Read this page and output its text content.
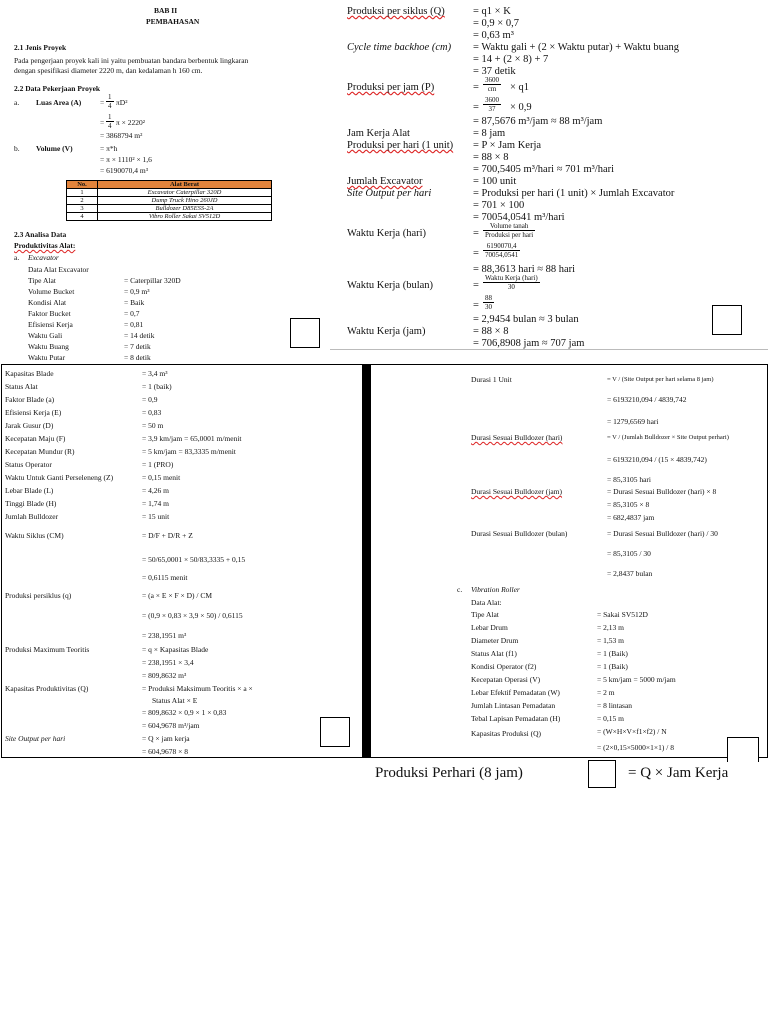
BAB II
PEMBAHASAN
2.1 Jenis Proyek
Pada pengerjaan proyek kali ini yaitu pembuatan bandara berbentuk lingkaran
dengan spesifikasi diameter 2220 m, dan kedalaman h 160 cm.
2.2 Data Pekerjaan Proyek
a. Luas Area $(A) = \frac{1}{4} \pi D^2$
= $\frac{1}{4}$ π × 2220²
= 3868794 m²
b. Volume (V)	= π*h
= π × 1110² × 1,6
= 6190070,4 m³
No.	Alat Berat
1	Excavator Caterpillar 320D
2	Dump Truck Hino 260JD
3	Bulldozer D85ESS-2A
4	Vibro Roller Sakai SV512D
2.3 Analisa Data
Produktivitas Alat:
a. Excavator
Data Alat Excavator
Tipe Alat	= Caterpillar 320D
Volume Bucket	= 0,9 m³
Kondisi Alat	= Baik
Faktor Bucket	= 0,7
Efisiensi Kerja	= 0,81
Waktu Gali	= 14 detik
Waktu Buang	= 7 detik
Waktu Putar	= 8 detik
Produksi per siklus (Q)	= q1 × K
= 0,9 × 0,7
= 0,63 m³
Cycle time backhoe (cm) = Waktu gali + (2 × Waktu putar) + Waktu buang
= 14 + (2 × 8) + 7
= 37 detik
Produksi per jam (P)	= $\frac{3600}{cm} \times q1$
= $\frac{3600}{37} \times 0,9$
= 87,5676 m³/jam ≈ 88 m³/jam
Jam Kerja Alat	= 8 jam
Produksi per hari (1 unit) = P × Jam Kerja
= 88 × 8
= 700,5405 m³/hari ≈ 701 m³/hari
Jumlah Excavator	= 100 unit
Site Output per hari	= Produksi per hari (1 unit) × Jumlah Excavator
= 701 × 100
= 70054,0541 m³/hari
Waktu Kerja (hari)	=
Volume tanah
Produksi per hari
= $\frac{6190070,4}{70054,0541}$
= 88,3613 hari ≈ 88 hari
Waktu Kerja (bulan)	=
Waktu Kerja (hari)
30
= $\frac{88}{30}$
= 2,9454 bulan ≈ 3 bulan
Waktu Kerja (jam)	= 88 × 8
= 706,8908 jam ≈ 707 jam
Kapasitas Blade	= 3,4 m³
Status Alat	= 1 (baik)
Faktor Blade (a)	= 0,9
Efisiensi Kerja (E)	= 0,83
Jarak Gusur (D)	= 50 m
Kecepatan Maju (F)	= 3,9 km/jam = 65,0001 m/menit
Kecepatan Mundur (R)	= 5 km/jam = 83,3335 m/menit
Status Operator	= 1 (PRO)
Waktu Untuk Ganti Perseleneng (Z)	= 0,15 menit
Lebar Blade (L)	= 4,26 m
Tinggi Blade (H)	= 1,74 m
Jumlah Bulldozer	= 15 unit
Waktu Siklus (CM)	= D/F + D/R + Z
= 50/65,0001 × 50/83,3335 + 0,15
= 0,6115 menit
Produksi persiklus (q)	= (a × E × F × D) / CM
= (0,9 × 0,83 × 3,9 × 50) / 0,6115
= 238,1951 m³
Produksi Maximum Teoritis	= q × Kapasitas Blade
= 238,1951 × 3,4
= 809,8632 m³
Kapasitas Produktivitas (Q)	= Produksi Maksimum Teoritis × a ×
Status Alat × E
= 809,8632 × 0,9 × 1 × 0,83
= 604,9678 m³/jam
Site Output per hari	= Q × jam kerja
= 604,9678 × 8
Durasi 1 Unit	= V / (Site Output per hari selama 8 jam)
= 6193210,094 / 4839,742
= 1279,6569 hari
Durasi Sesuai Bulldozer (hari)	= V / (Jumlah Bulldozer × Site Output perhari)
= 6193210,094 / (15 × 4839,742)
= 85,3105 hari
Durasi Sesuai Bulldozer (jam)	= Durasi Sesuai Bulldozer (hari) × 8
= 85,3105 × 8
= 682,4837 jam
Durasi Sesuai Bulldozer (bulan)	= Durasi Sesuai Bulldozer (hari) / 30
= 85,3105 / 30
= 2,8437 bulan
c. Vibration Roller
Data Alat:
Tipe Alat	= Sakai SV512D
Lebar Drum	= 2,13 m
Diameter Drum	= 1,53 m
Status Alat (f1)	= 1 (Baik)
Kondisi Operator (f2)	= 1 (Baik)
Kecepatan Operasi (V)	= 5 km/jam = 5000 m/jam
Lebar Efektif Pemadatan (W)	= 2 m
Jumlah Lintasan Pemadatan	= 8 lintasan
Tebal Lapisan Pemadatan (H)	= 0,15 m
Kapasitas Produksi (Q)	= (W×H×V×f1×f2) / N
= (2×0,15×5000×1×1) / 8
Produksi Perhari (8 jam)	= Q × Jam Kerja
